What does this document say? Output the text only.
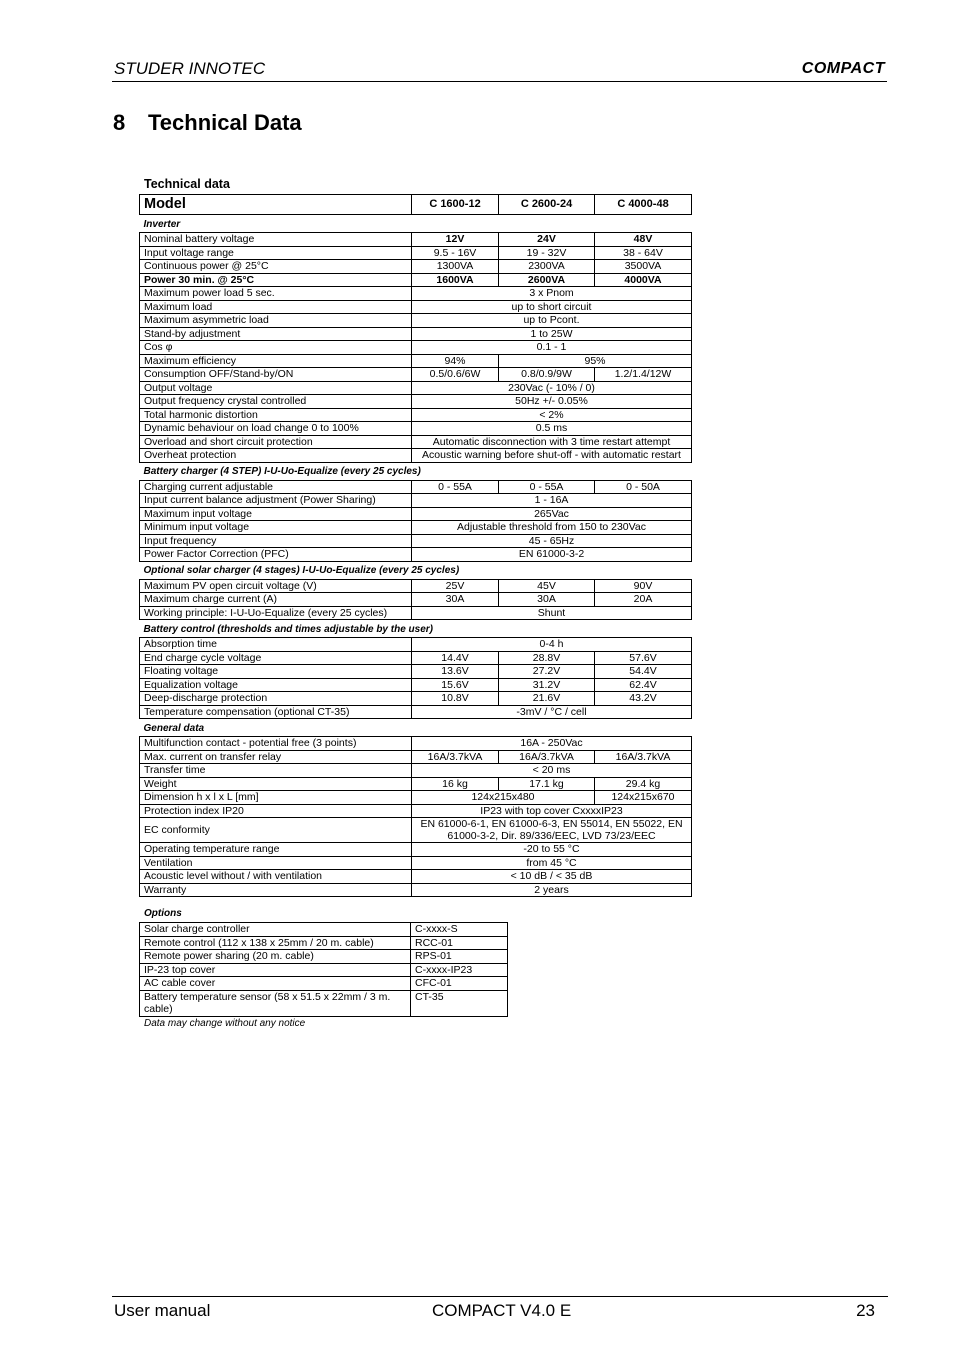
STUDER INNOTEC	COMPACT
8 Technical Data
Technical data
Model	C 1600-12	C 2600-24	C 4000-48
Inverter			
Nominal battery voltage	12V	24V	48V
Input voltage range	9.5 - 16V	19 - 32V	38 - 64V
Continuous power @ 25°C	1300VA	2300VA	3500VA
Power 30 min. @ 25°C	1600VA	2600VA	4000VA
Maximum power load 5 sec.	3 x Pnom		
Maximum load	up to short circuit		
Maximum asymmetric load	up to Pcont.		
Stand-by adjustment	1 to 25W		
Cos φ	0.1 - 1		
Maximum efficiency	94%	95%	
Consumption OFF/Stand-by/ON	0.5/0.6/6W	0.8/0.9/9W	1.2/1.4/12W
Output voltage	230Vac (- 10% / 0)		
Output frequency crystal controlled	50Hz +/- 0.05%		
Total harmonic distortion	< 2%		
Dynamic behaviour on load change 0 to 100%	0.5 ms		
Overload and short circuit protection	Automatic disconnection with 3 time restart attempt		
Overheat protection	Acoustic warning before shut-off - with automatic restart		
Battery charger (4 STEP) I-U-Uo-Equalize (every 25 cycles)			
Charging current adjustable	0 - 55A	0 - 55A	0 - 50A
Input current balance adjustment (Power Sharing)	1 - 16A		
Maximum input voltage	265Vac		
Minimum input voltage	Adjustable threshold from 150 to 230Vac		
Input frequency	45 - 65Hz		
Power Factor Correction (PFC)	EN 61000-3-2		
Optional solar charger (4 stages) I-U-Uo-Equalize (every 25 cycles)			
Maximum PV open circuit voltage (V)	25V	45V	90V
Maximum charge current (A)	30A	30A	20A
Working principle: I-U-Uo-Equalize (every 25 cycles)	Shunt		
Battery control (thresholds and times adjustable by the user)			
Absorption time	0-4 h		
End charge cycle voltage	14.4V	28.8V	57.6V
Floating voltage	13.6V	27.2V	54.4V
Equalization voltage	15.6V	31.2V	62.4V
Deep-discharge protection	10.8V	21.6V	43.2V
Temperature compensation (optional CT-35)	-3mV / °C / cell		
General data			
Multifunction contact - potential free (3 points)	16A - 250Vac		
Max. current on transfer relay	16A/3.7kVA	16A/3.7kVA	16A/3.7kVA
Transfer time	< 20 ms		
Weight	16 kg	17.1 kg	29.4 kg
Dimension h x l x L [mm]	124x215x480		124x215x670
Protection index IP20	IP23 with top cover CxxxxIP23		
EC conformity	EN 61000-6-1, EN 61000-6-3, EN 55014, EN 55022, EN 61000-3-2, Dir. 89/336/EEC, LVD 73/23/EEC		
Operating temperature range	-20 to 55 °C		
Ventilation	from 45 °C		
Acoustic level without / with ventilation	< 10 dB / < 35 dB		
Warranty	2 years		
Options
Solar charge controller	C-xxxx-S
Remote control (112 x 138 x 25mm / 20 m. cable)	RCC-01
Remote power sharing (20 m. cable)	RPS-01
IP-23 top cover	C-xxxx-IP23
AC cable cover	CFC-01
Battery temperature sensor (58 x 51.5 x 22mm / 3 m. cable)	CT-35
Data may change without any notice
User manual	COMPACT V4.0 E	23
